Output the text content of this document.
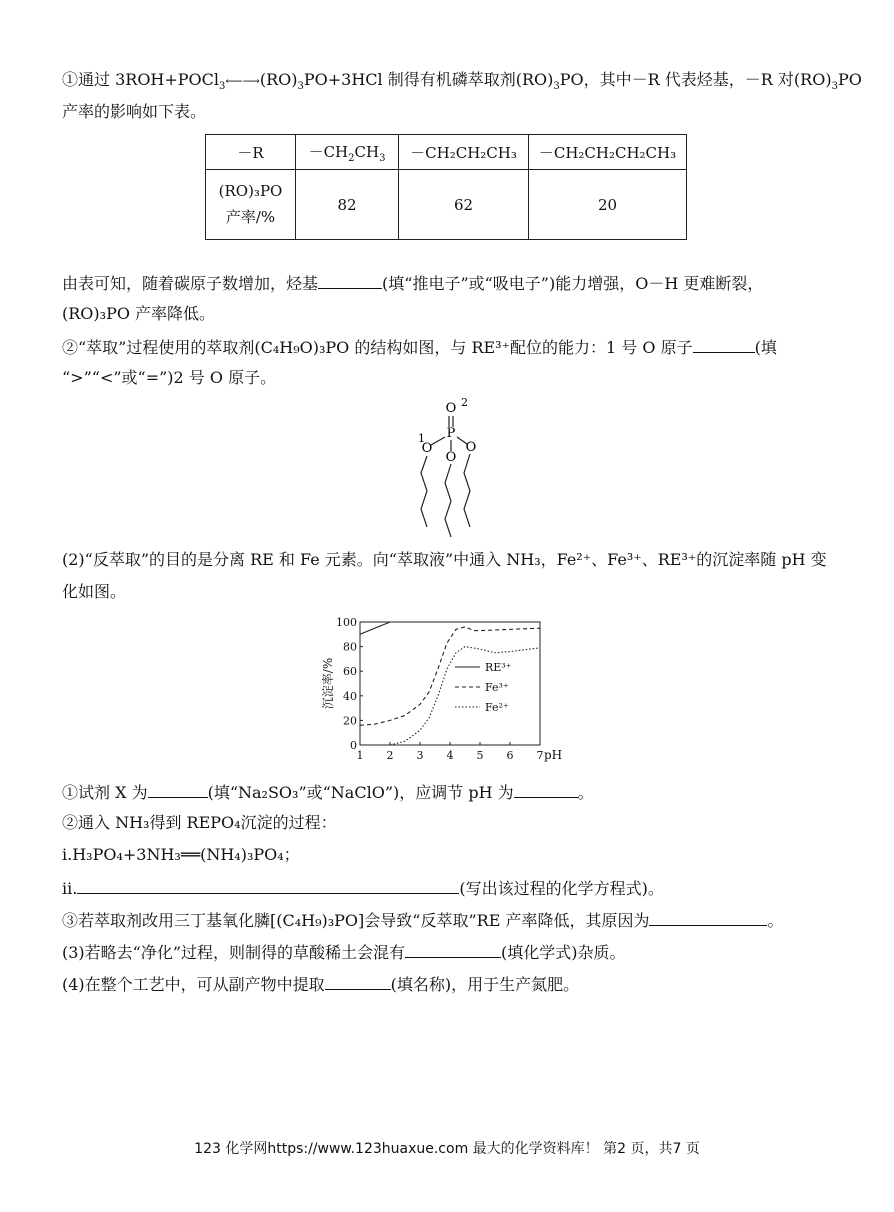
①通过 $3ROH+POCl_3⟵⟶(RO)_3PO+3HCl$ 制得有机磷萃取剂$(RO)_3PO$，其中－R 代表烃基，－R 对$(RO)_3PO$
产率的影响如下表。
－R	$-CH_2CH_3$	－CH₂CH₂CH₃	－CH₂CH₂CH₂CH₃

(RO)₃PO
产率/%	82	62	20
由表可知，随着碳原子数增加，烃基	(填“推电子”或“吸电子”)能力增强，O－H 更难断裂，
(RO)₃PO 产率降低。
②“萃取”过程使用的萃取剂(C₄H₉O)₃PO 的结构如图，与 RE³⁺配位的能力：1 号 O 原子	(填
“>”“<”或“=”)2 号 O 原子。
O 2
P
O
1
O
O
(2)“反萃取”的目的是分离 RE 和 Fe 元素。向“萃取液”中通入 NH₃，Fe²⁺、Fe³⁺、RE³⁺的沉淀率随 pH 变
化如图。
1 2 3 4 5 6 7
0
20
40
60
80
100
pH
沉淀率/%	RE³⁺
Fe³⁺
Fe²⁺
①试剂 X 为	(填“Na₂SO₃”或“NaClO”)，应调节 pH 为	。
②通入 NH₃得到 REPO₄沉淀的过程：
i.H₃PO₄+3NH₃══(NH₄)₃PO₄；
ii.	(写出该过程的化学方程式)。
③若萃取剂改用三丁基氧化膦[(C₄H₉)₃PO]会导致“反萃取”RE 产率降低，其原因为	。
(3)若略去“净化”过程，则制得的草酸稀土会混有	(填化学式)杂质。
(4)在整个工艺中，可从副产物中提取	(填名称)，用于生产氮肥。
123 化学网https://www.123huaxue.com 最大的化学资料库！ 第2 页，共7 页
